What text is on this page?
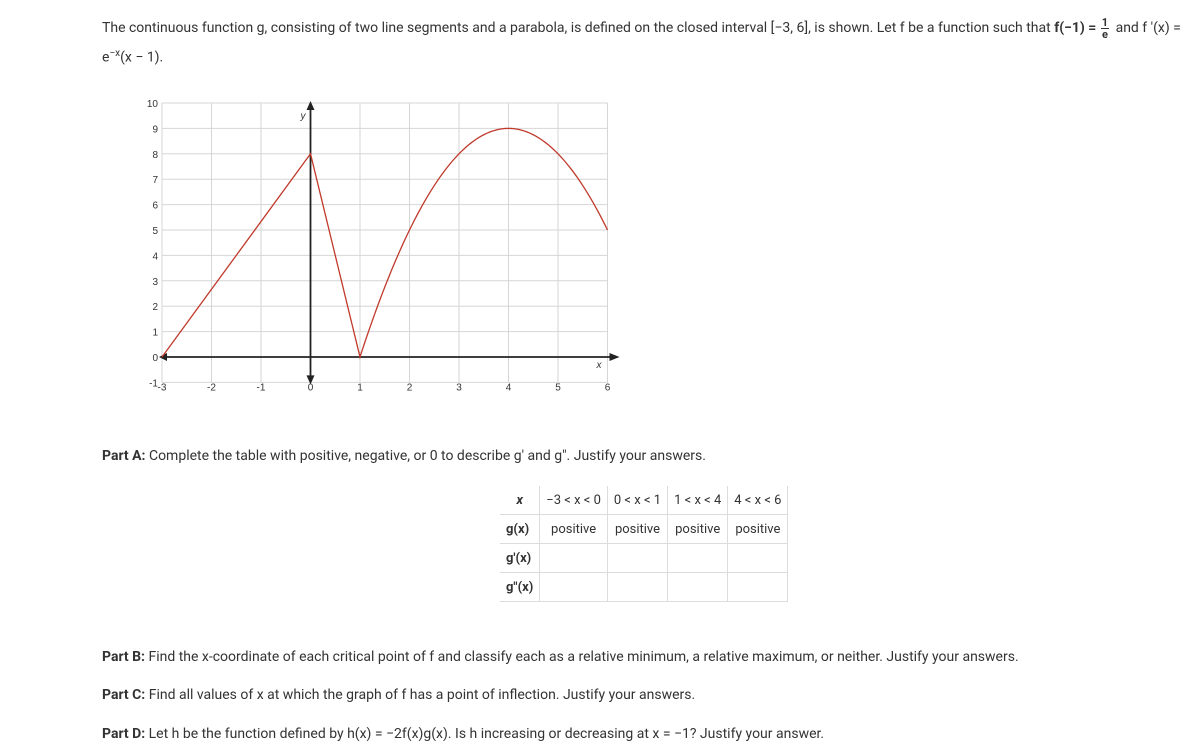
The continuous function g, consisting of two line segments and a parabola, is defined on the closed interval [−3, 6], is shown. Let f be a function such that $f(-1) = \frac{1}{e}$ and f '$(x) = e^{-x}(x - 1)$.
-3	-2	-1	0	1	2	3	4	5	6
-1
0
1
2
3
4
5
6
7
8
9
10
x
y
Part A: Complete the table with positive, negative, or 0 to describe g' and g". Justify your answers.
x	−3 < x < 0	0 < x < 1	1 < x < 4	4 < x < 6
g(x)	positive	positive	positive	positive
g'(x)				
g"(x)				

Part B: Find the x-coordinate of each critical point of f and classify each as a relative minimum, a relative maximum, or neither. Justify your answers.

Part C: Find all values of x at which the graph of f has a point of inflection. Justify your answers.

Part D: Let h be the function defined by h(x) = −2f(x)g(x). Is h increasing or decreasing at x = −1? Justify your answer.
